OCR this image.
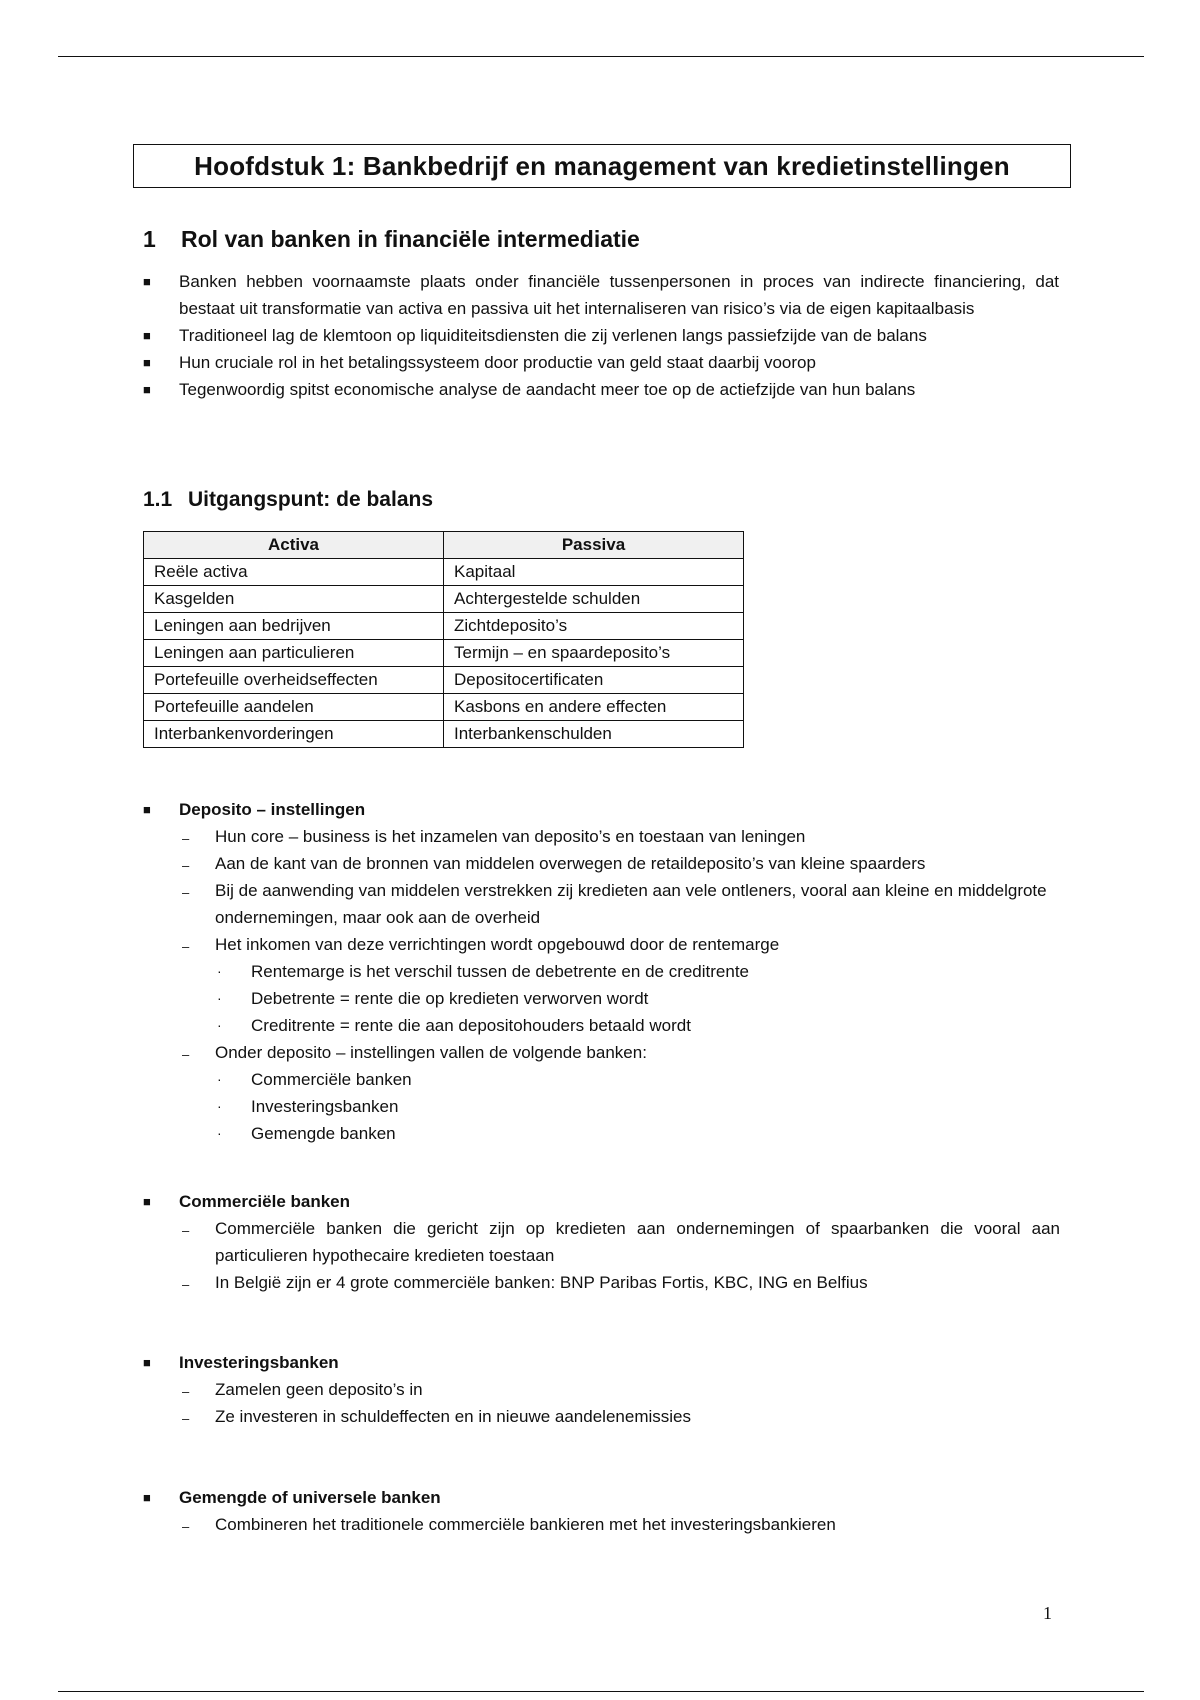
Hoofdstuk 1: Bankbedrijf en management van kredietinstellingen
1 Rol van banken in financiële intermediatie
■ Banken hebben voornaamste plaats onder financiële tussenpersonen in proces van indirecte financiering, dat bestaat uit transformatie van activa en passiva uit het internaliseren van risico’s via de eigen kapitaalbasis
■ Traditioneel lag de klemtoon op liquiditeitsdiensten die zij verlenen langs passiefzijde van de balans
■ Hun cruciale rol in het betalingssysteem door productie van geld staat daarbij voorop
■ Tegenwoordig spitst economische analyse de aandacht meer toe op de actiefzijde van hun balans
1.1 Uitgangspunt: de balans
Activa	Passiva
Reële activa	Kapitaal
Kasgelden	Achtergestelde schulden
Leningen aan bedrijven	Zichtdeposito’s
Leningen aan particulieren	Termijn – en spaardeposito’s
Portefeuille overheidseffecten	Depositocertificaten
Portefeuille aandelen	Kasbons en andere effecten
Interbankenvorderingen	Interbankenschulden
■ Deposito – instellingen
– Hun core – business is het inzamelen van deposito’s en toestaan van leningen
– Aan de kant van de bronnen van middelen overwegen de retaildeposito’s van kleine spaarders
– Bij de aanwending van middelen verstrekken zij kredieten aan vele ontleners, vooral aan kleine en middelgrote ondernemingen, maar ook aan de overheid
– Het inkomen van deze verrichtingen wordt opgebouwd door de rentemarge
· Rentemarge is het verschil tussen de debetrente en de creditrente
· Debetrente = rente die op kredieten verworven wordt
· Creditrente = rente die aan depositohouders betaald wordt
– Onder deposito – instellingen vallen de volgende banken:
· Commerciële banken
· Investeringsbanken
· Gemengde banken
■ Commerciële banken
– Commerciële banken die gericht zijn op kredieten aan ondernemingen of spaarbanken die vooral aan particulieren hypothecaire kredieten toestaan
– In België zijn er 4 grote commerciële banken: BNP Paribas Fortis, KBC, ING en Belfius
■ Investeringsbanken
– Zamelen geen deposito’s in
– Ze investeren in schuldeffecten en in nieuwe aandelenemissies
■ Gemengde of universele banken
– Combineren het traditionele commerciële bankieren met het investeringsbankieren
1
